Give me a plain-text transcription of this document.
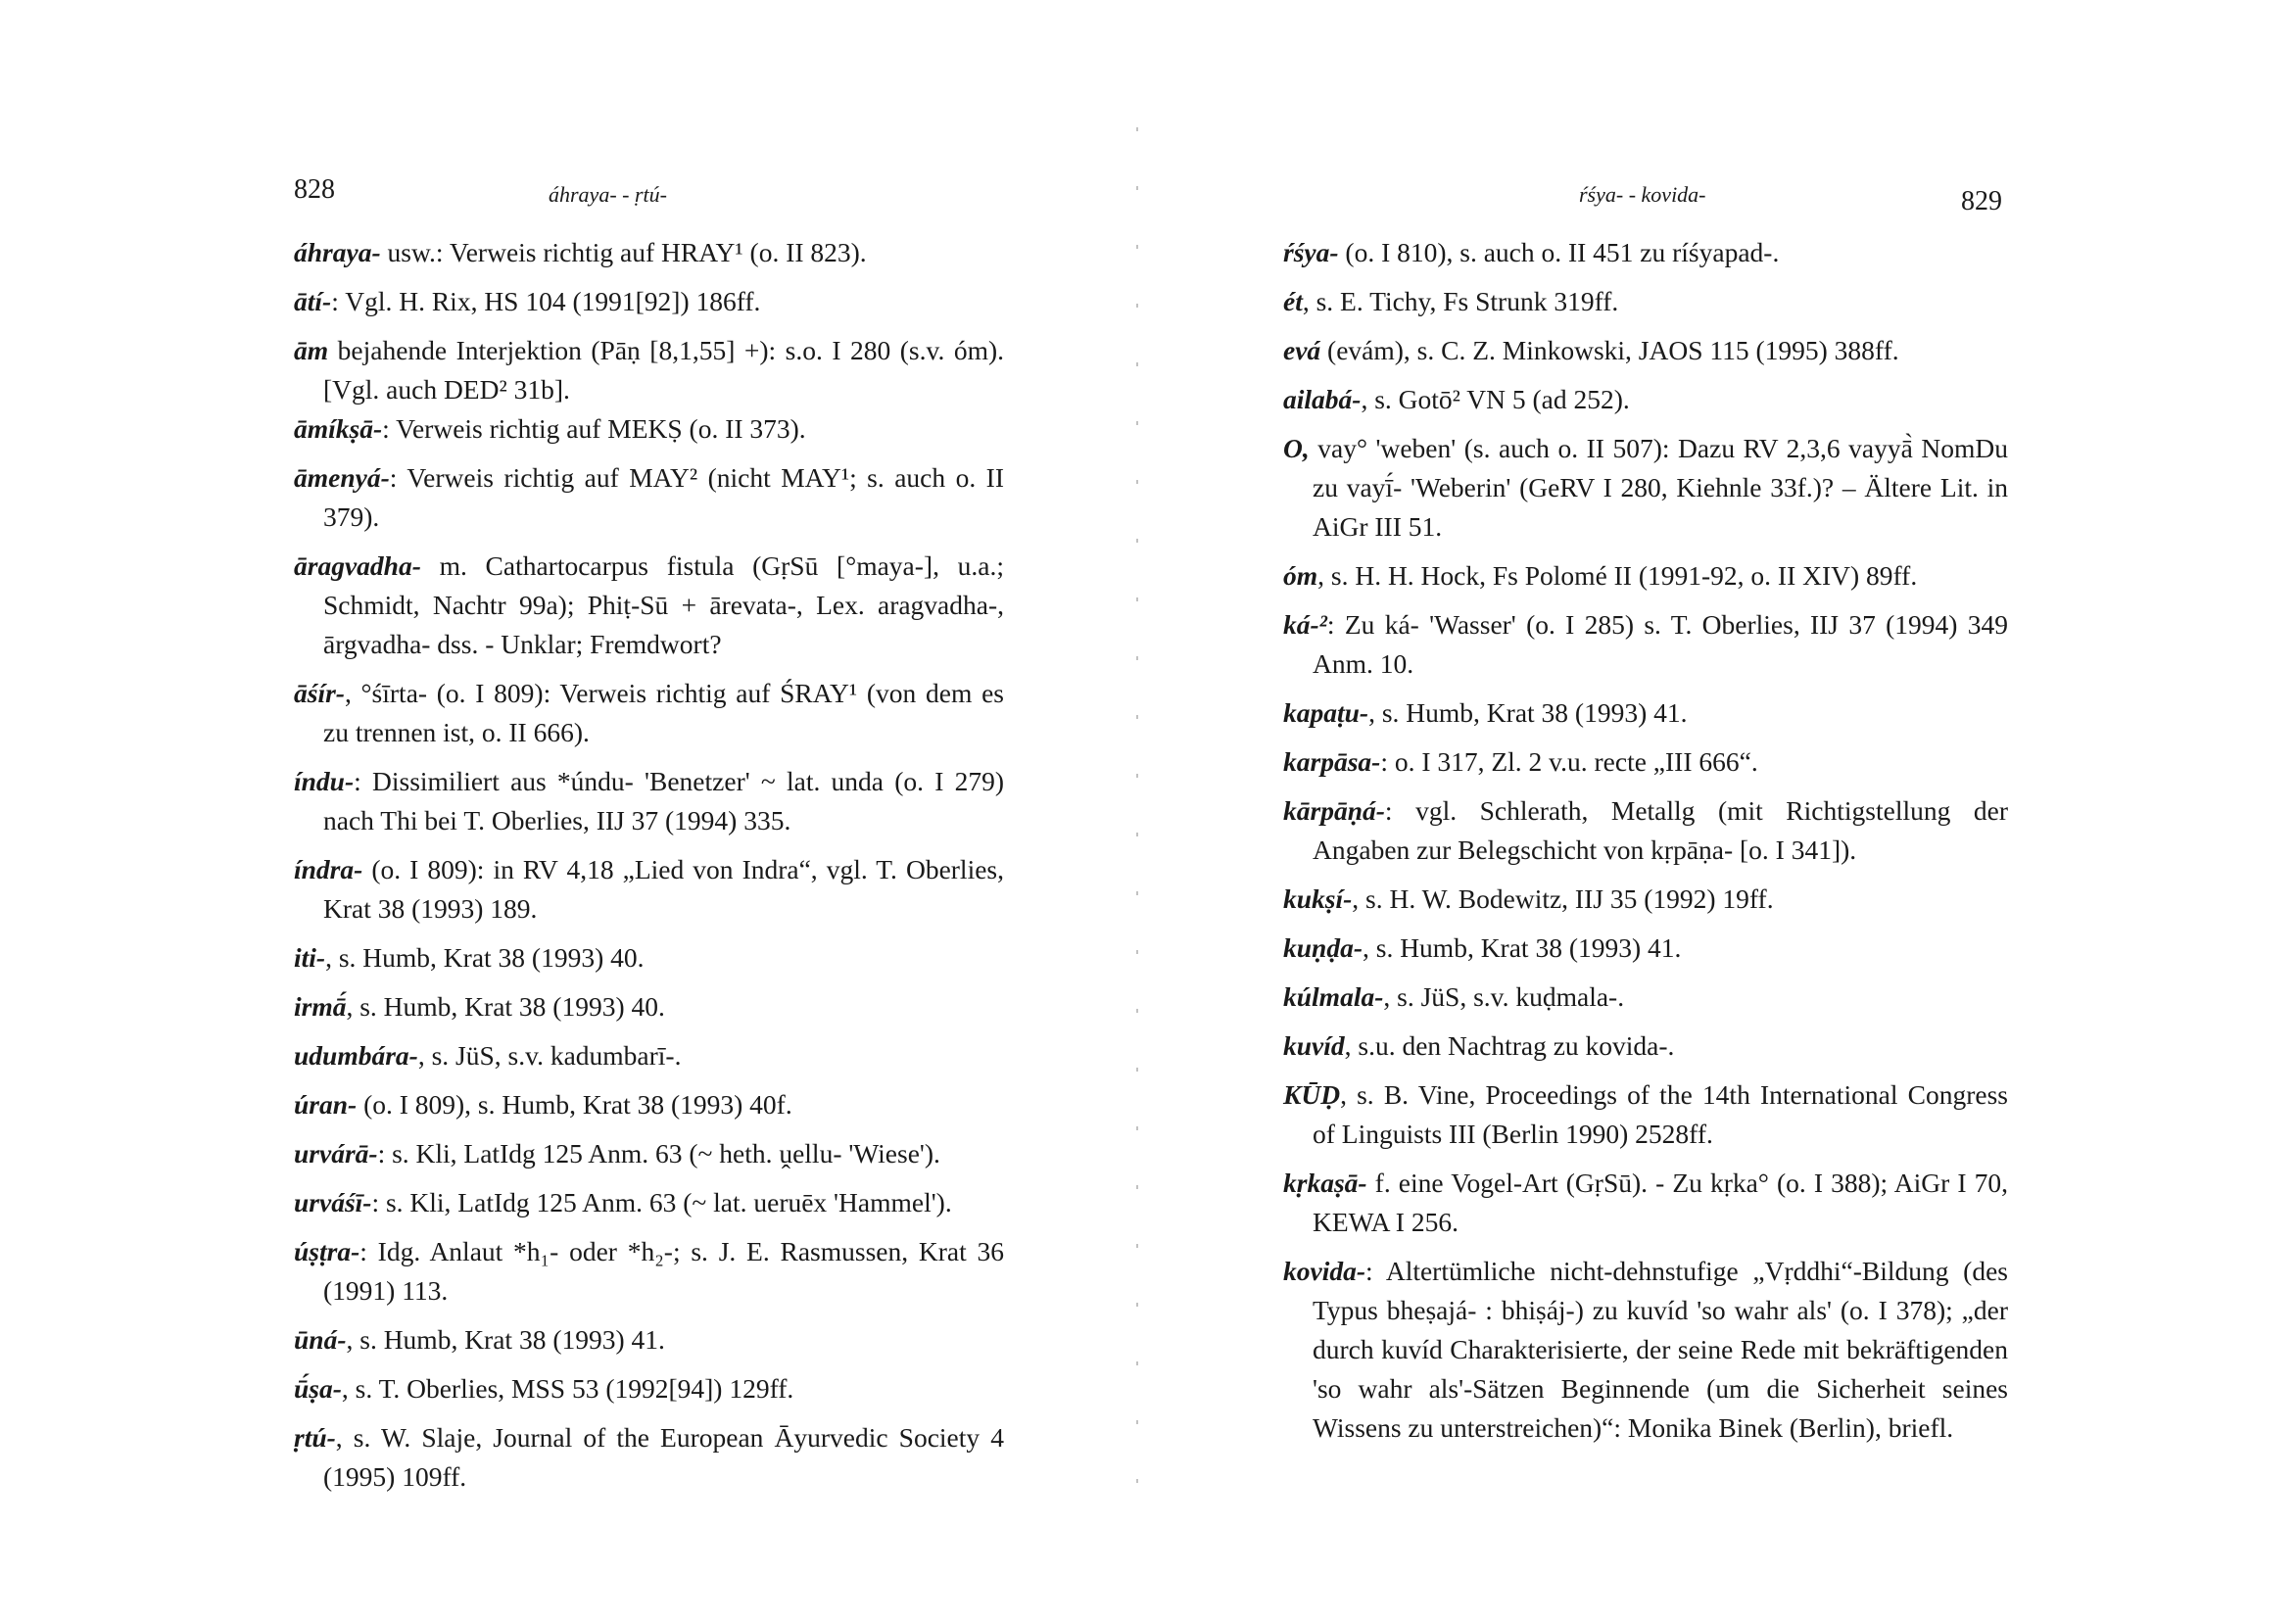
828	áhraya- - ṛtú-

áhraya- usw.: Verweis richtig auf HRAY¹ (o. II 823).

ātí-: Vgl. H. Rix, HS 104 (1991[92]) 186ff.

ām bejahende Interjektion (Pāṇ [8,1,55] +): s.o. I 280 (s.v. óm). [Vgl. auch DED² 31b].

āmíkṣā-: Verweis richtig auf MEKṢ (o. II 373).

āmenyá-: Verweis richtig auf MAY² (nicht MAY¹; s. auch o. II 379).

āragvadha- m. Cathartocarpus fistula (GṛSū [°maya-], u.a.; Schmidt, Nachtr 99a); Phiṭ-Sū + ārevata-, Lex. aragvadha-, ārgvadha- dss. - Unklar; Fremdwort?

āśír-, °śīrta- (o. I 809): Verweis richtig auf ŚRAY¹ (von dem es zu trennen ist, o. II 666).

índu-: Dissimiliert aus *úndu- 'Benetzer' ~ lat. unda (o. I 279) nach Thi bei T. Oberlies, IIJ 37 (1994) 335.

índra- (o. I 809): in RV 4,18 „Lied von Indra“, vgl. T. Oberlies, Krat 38 (1993) 189.

iti-, s. Humb, Krat 38 (1993) 40.

irmā́, s. Humb, Krat 38 (1993) 40.

udumbára-, s. JüS, s.v. kadumbarī-.

úran- (o. I 809), s. Humb, Krat 38 (1993) 40f.

urvárā-: s. Kli, LatIdg 125 Anm. 63 (~ heth. ṷellu- 'Wiese').

urváśī-: s. Kli, LatIdg 125 Anm. 63 (~ lat. ueruēx 'Hammel').

úṣṭra-: Idg. Anlaut *h₁- oder *h₂-; s. J. E. Rasmussen, Krat 36 (1991) 113.

ūná-, s. Humb, Krat 38 (1993) 41.

ū́ṣa-, s. T. Oberlies, MSS 53 (1992[94]) 129ff.

ṛtú-, s. W. Slaje, Journal of the European Āyurvedic Society 4 (1995) 109ff.

ŕśya- - kovida-	829

ŕśya- (o. I 810), s. auch o. II 451 zu ríśyapad-.

ét, s. E. Tichy, Fs Strunk 319ff.

evá (evám), s. C. Z. Minkowski, JAOS 115 (1995) 388ff.

ailabá-, s. Gotō² VN 5 (ad 252).

O, vay° 'weben' (s. auch o. II 507): Dazu RV 2,3,6 vayyā̀ NomDu zu vayī́- 'Weberin' (GeRV I 280, Kiehnle 33f.)? – Ältere Lit. in AiGr III 51.

óm, s. H. H. Hock, Fs Polomé II (1991-92, o. II XIV) 89ff.

ká-²: Zu ká- 'Wasser' (o. I 285) s. T. Oberlies, IIJ 37 (1994) 349 Anm. 10.

kapaṭu-, s. Humb, Krat 38 (1993) 41.

karpāsa-: o. I 317, Zl. 2 v.u. recte „III 666“.

kārpāṇá-: vgl. Schlerath, Metallg (mit Richtigstellung der Angaben zur Belegschicht von kṛpāṇa- [o. I 341]).

kukṣí-, s. H. W. Bodewitz, IIJ 35 (1992) 19ff.

kuṇḍa-, s. Humb, Krat 38 (1993) 41.

kúlmala-, s. JüS, s.v. kuḍmala-.

kuvíd, s.u. den Nachtrag zu kovida-.

KŪḌ, s. B. Vine, Proceedings of the 14th International Congress of Linguists III (Berlin 1990) 2528ff.

kṛkaṣā- f. eine Vogel-Art (GṛSū). - Zu kṛka° (o. I 388); AiGr I 70, KEWA I 256.

kovida-: Altertümliche nicht-dehnstufige „Vṛddhi“-Bildung (des Typus bheṣajá- : bhiṣáj-) zu kuvíd 'so wahr als' (o. I 378); „der durch kuvíd Charakterisierte, der seine Rede mit bekräftigenden 'so wahr als'-Sätzen Beginnende (um die Sicherheit seines Wissens zu unterstreichen)“: Monika Binek (Berlin), briefl.
